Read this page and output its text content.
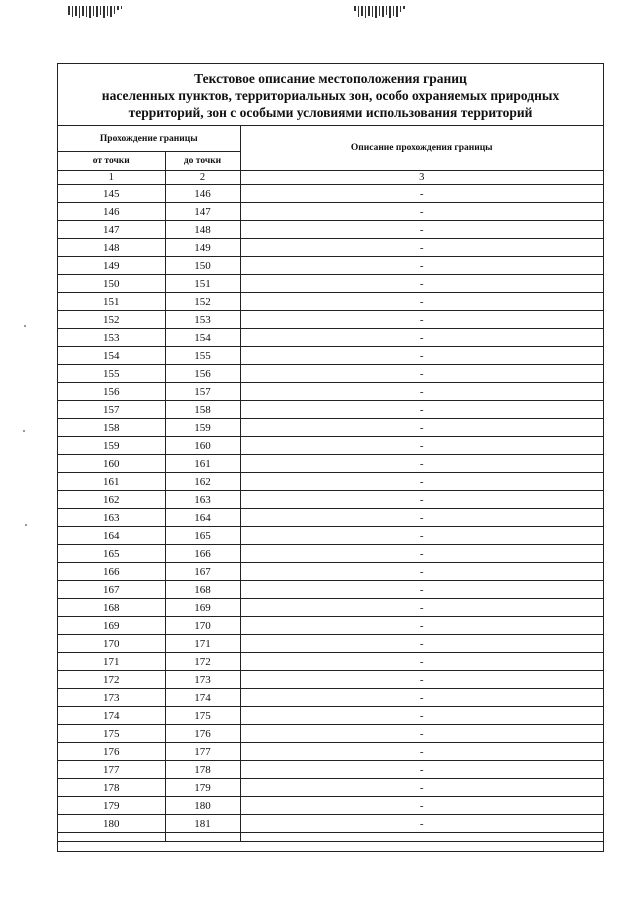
Текстовое описание местоположения границ
населенных пунктов, территориальных зон, особо охраняемых природных
территорий, зон с особыми условиями использования территорий
Прохождение границы		Описание прохождения границы
от точки	до точки	
1	2	3
145	146	-
146	147	-
147	148	-
148	149	-
149	150	-
150	151	-
151	152	-
152	153	-
153	154	-
154	155	-
155	156	-
156	157	-
157	158	-
158	159	-
159	160	-
160	161	-
161	162	-
162	163	-
163	164	-
164	165	-
165	166	-
166	167	-
167	168	-
168	169	-
169	170	-
170	171	-
171	172	-
172	173	-
173	174	-
174	175	-
175	176	-
176	177	-
177	178	-
178	179	-
179	180	-
180	181	-
